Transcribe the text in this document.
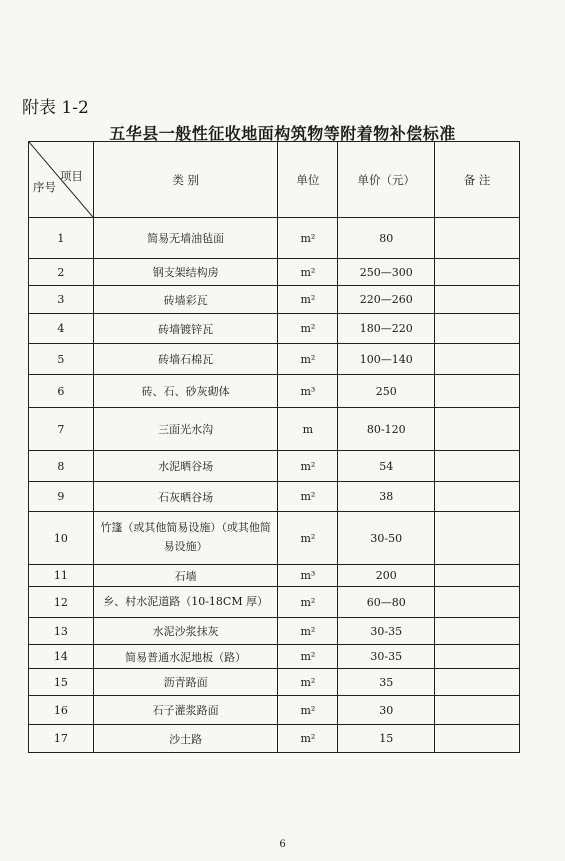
附表 1-2
五华县一般性征收地面构筑物等附着物补偿标准
项目
序号	类 别	单位	单价（元）	备 注
1	简易无墙油毡面	m²	80	
2	钢支架结构房	m²	250—300	
3	砖墙彩瓦	m²	220—260	
4	砖墙镀锌瓦	m²	180—220	
5	砖墙石棉瓦	m²	100—140	
6	砖、石、砂灰砌体	m³	250	
7	三面光水沟	m	80-120	
8	水泥晒谷场	m²	54	
9	石灰晒谷场	m²	38	
10	竹篷（或其他简易设施）（或其他简易设施）	m²	30-50	
11	石墙	m³	200	
12	乡、村水泥道路（10-18CM 厚）	m²	60—80	
13	水泥沙浆抹灰	m²	30-35	
14	简易普通水泥地板（路）	m²	30-35	
15	沥青路面	m²	35	
16	石子灌浆路面	m²	30	
17	沙土路	m²	15	
6
